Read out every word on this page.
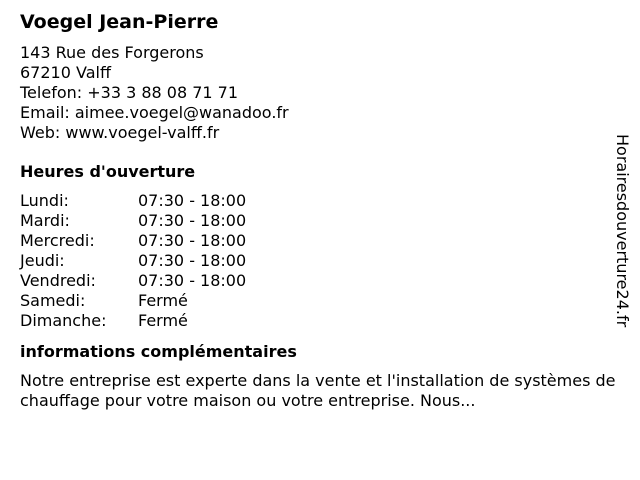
Voegel Jean-Pierre
143 Rue des Forgerons
67210 Valff
Telefon: +33 3 88 08 71 71
Email: aimee.voegel@wanadoo.fr
Web: www.voegel-valff.fr
Heures d'ouverture
Lundi:	07:30 - 18:00
Mardi:	07:30 - 18:00
Mercredi:	07:30 - 18:00
Jeudi:	07:30 - 18:00
Vendredi:	07:30 - 18:00
Samedi:	Fermé
Dimanche:	Fermé
informations complémentaires
Notre entreprise est experte dans la vente et l'installation de systèmes de chauffage pour votre maison ou votre entreprise. Nous...
Horairesdouverture24.fr
